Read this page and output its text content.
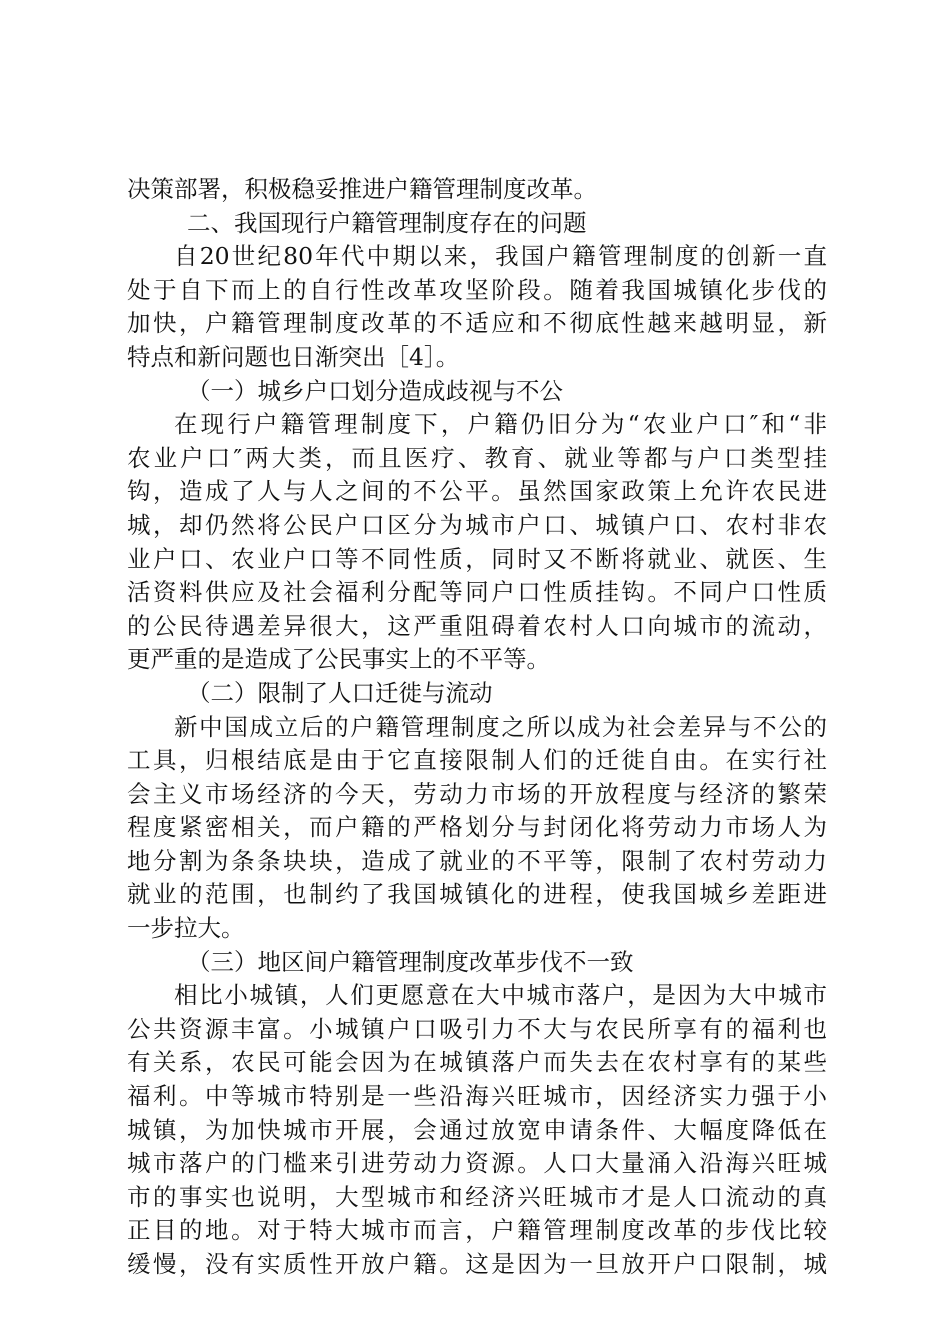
决策部署，积极稳妥推进户籍管理制度改革。
二、我国现行户籍管理制度存在的问题
自20世纪80年代中期以来，我国户籍管理制度的创新一直
处于自下而上的自行性改革攻坚阶段。随着我国城镇化步伐的
加快，户籍管理制度改革的不适应和不彻底性越来越明显，新
特点和新问题也日渐突出［4］。
（一）城乡户口划分造成歧视与不公
在现行户籍管理制度下，户籍仍旧分为“农业户口″和“非
农业户口″两大类，而且医疗、教育、就业等都与户口类型挂
钩，造成了人与人之间的不公平。虽然国家政策上允许农民进
城，却仍然将公民户口区分为城市户口、城镇户口、农村非农
业户口、农业户口等不同性质，同时又不断将就业、就医、生
活资料供应及社会福利分配等同户口性质挂钩。不同户口性质
的公民待遇差异很大，这严重阻碍着农村人口向城市的流动，
更严重的是造成了公民事实上的不平等。
（二）限制了人口迁徙与流动
新中国成立后的户籍管理制度之所以成为社会差异与不公的
工具，归根结底是由于它直接限制人们的迁徙自由。在实行社
会主义市场经济的今天，劳动力市场的开放程度与经济的繁荣
程度紧密相关，而户籍的严格划分与封闭化将劳动力市场人为
地分割为条条块块，造成了就业的不平等，限制了农村劳动力
就业的范围，也制约了我国城镇化的进程，使我国城乡差距进
一步拉大。
（三）地区间户籍管理制度改革步伐不一致
相比小城镇，人们更愿意在大中城市落户，是因为大中城市
公共资源丰富。小城镇户口吸引力不大与农民所享有的福利也
有关系，农民可能会因为在城镇落户而失去在农村享有的某些
福利。中等城市特别是一些沿海兴旺城市，因经济实力强于小
城镇，为加快城市开展，会通过放宽申请条件、大幅度降低在
城市落户的门槛来引进劳动力资源。人口大量涌入沿海兴旺城
市的事实也说明，大型城市和经济兴旺城市才是人口流动的真
正目的地。对于特大城市而言，户籍管理制度改革的步伐比较
缓慢，没有实质性开放户籍。这是因为一旦放开户口限制，城
